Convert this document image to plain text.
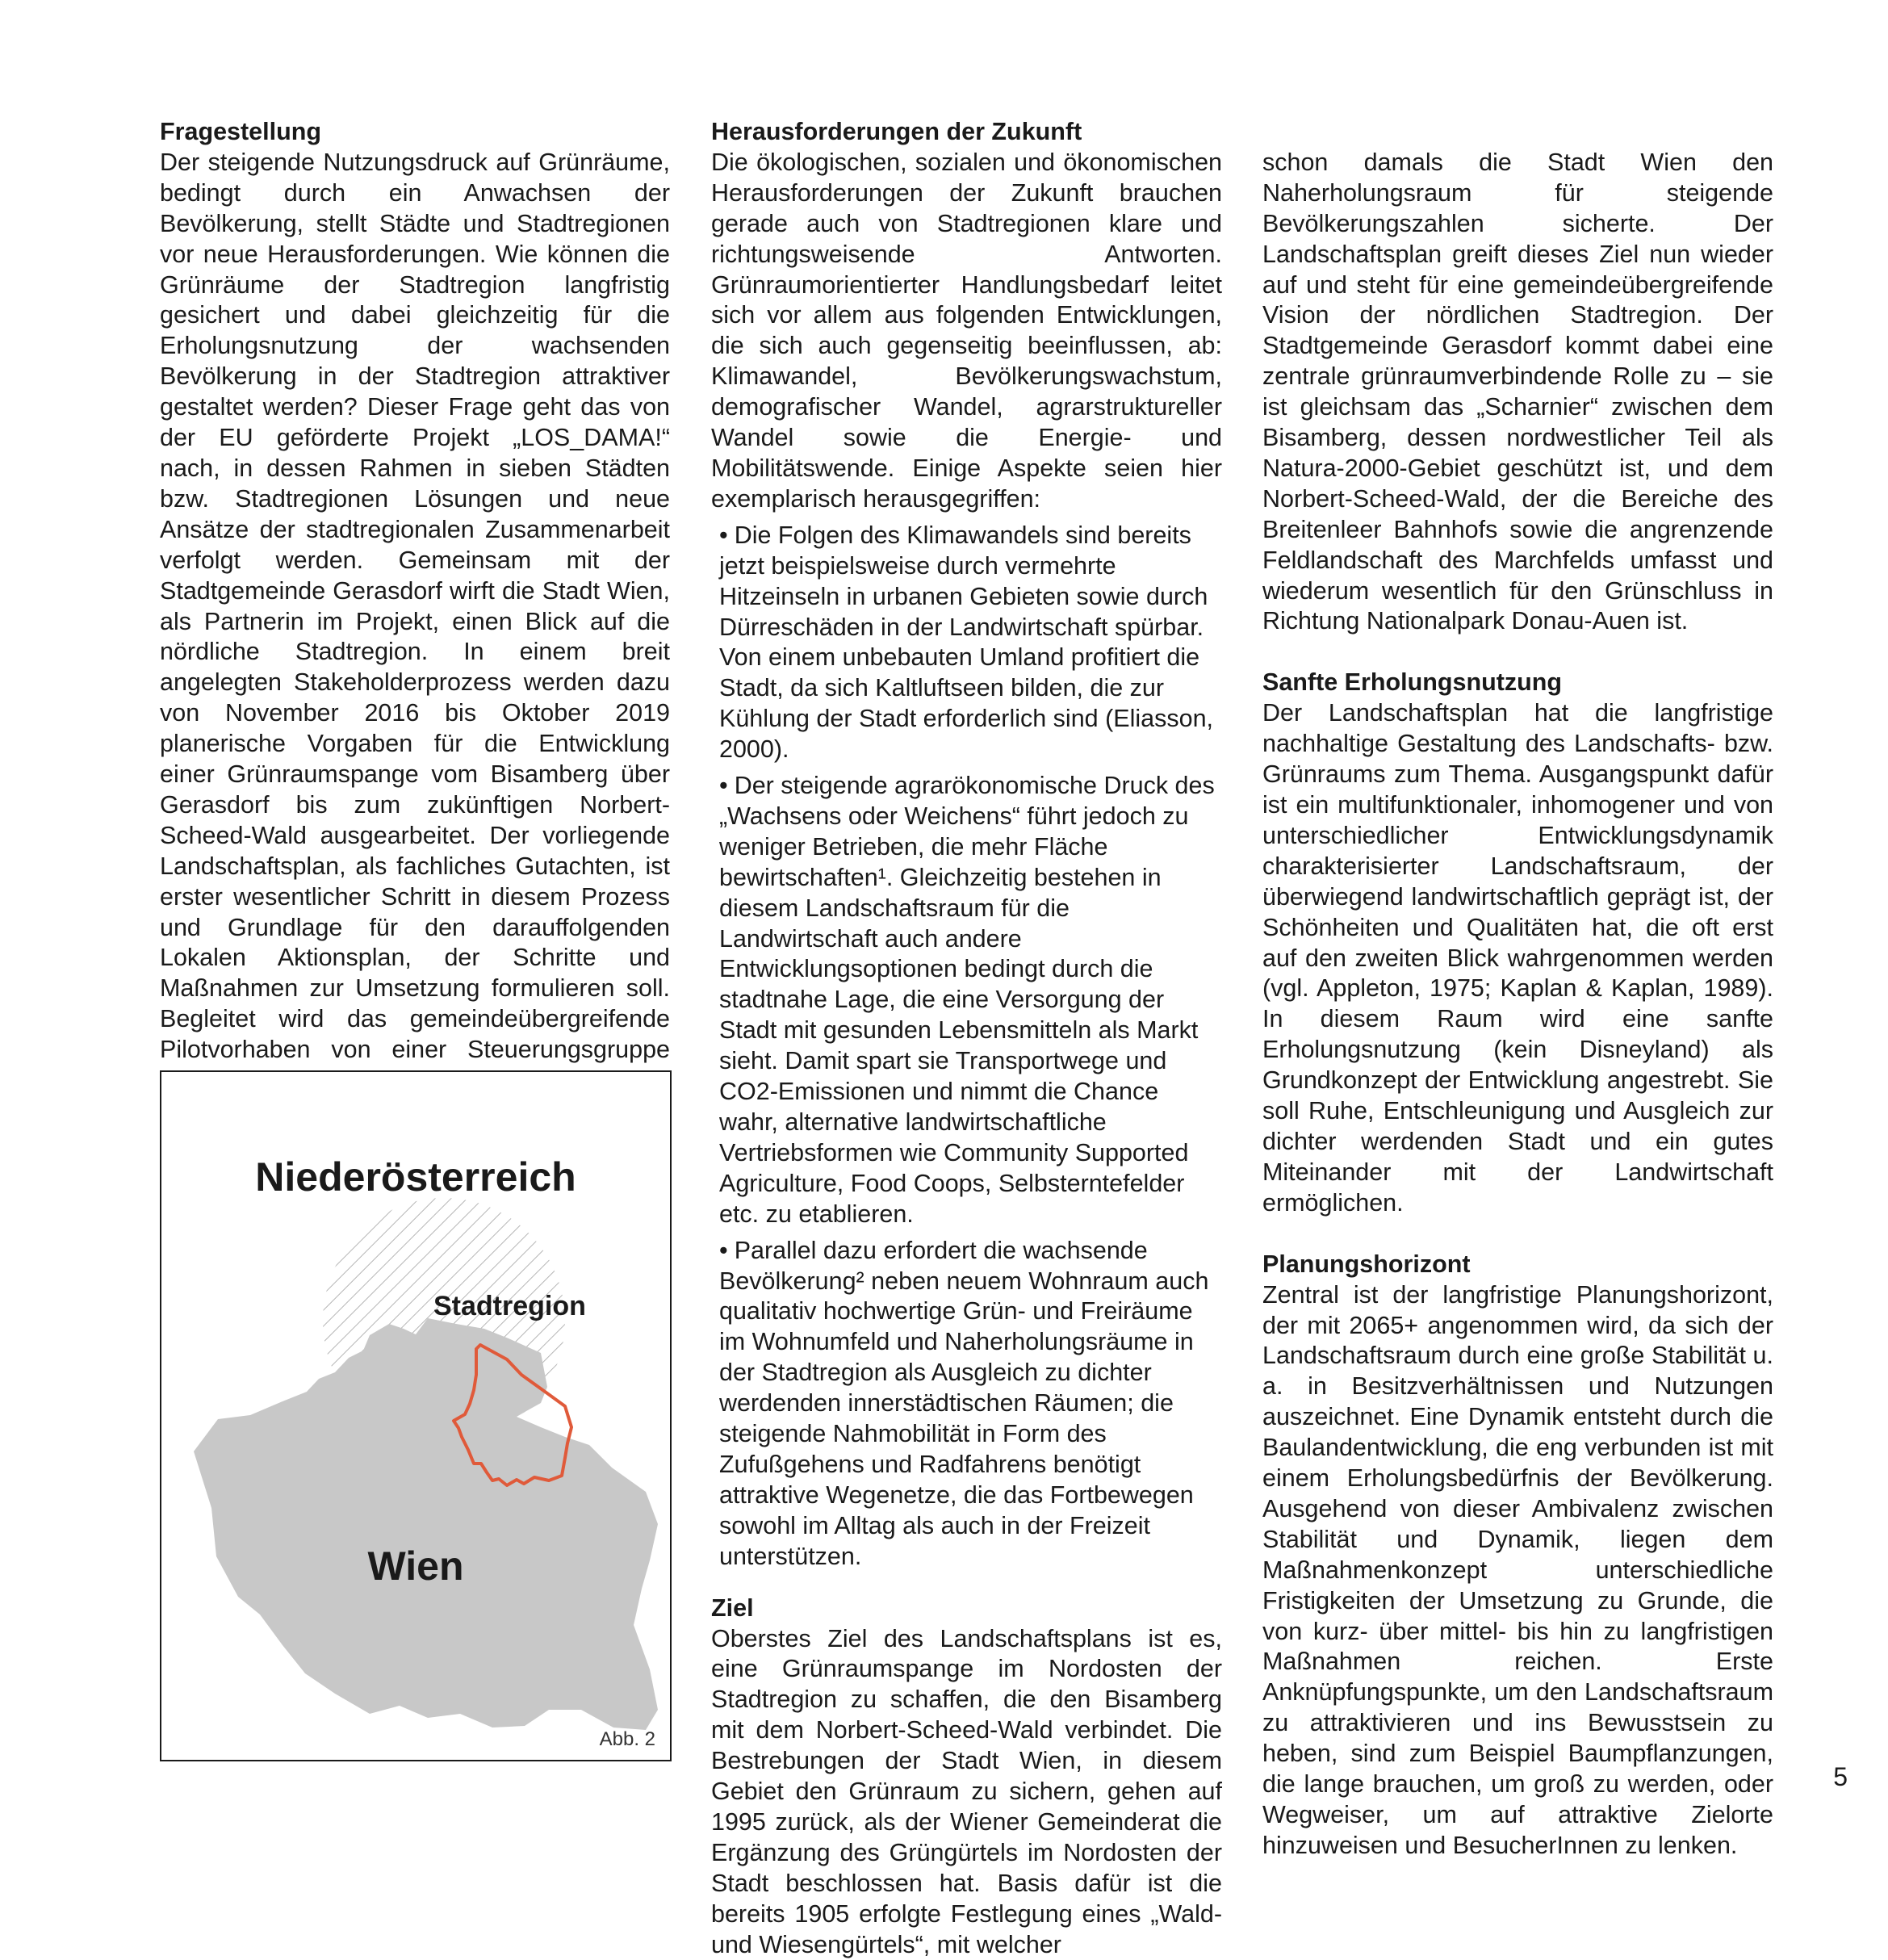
Fragestellung

Der steigende Nutzungsdruck auf Grünräume, bedingt durch ein Anwachsen der Bevölkerung, stellt Städte und Stadtregionen vor neue Herausforderungen. Wie können die Grünräume der Stadtregion langfristig gesichert und dabei gleichzeitig für die Erholungsnutzung der wachsenden Bevölkerung in der Stadtregion attraktiver gestaltet werden? Dieser Frage geht das von der EU geförderte Projekt „LOS_DAMA!“ nach, in dessen Rahmen in sieben Städten bzw. Stadtregionen Lösungen und neue Ansätze der stadtregionalen Zusammenarbeit verfolgt werden. Gemeinsam mit der Stadtgemeinde Gerasdorf wirft die Stadt Wien, als Partnerin im Projekt, einen Blick auf die nördliche Stadtregion. In einem breit angelegten Stakeholderprozess werden dazu von November 2016 bis Oktober 2019 planerische Vorgaben für die Entwicklung einer Grünraumspange vom Bisamberg über Gerasdorf bis zum zukünftigen Norbert-Scheed-Wald ausgearbeitet. Der vorliegende Landschaftsplan, als fachliches Gutachten, ist erster wesentlicher Schritt in diesem Prozess und Grundlage für den darauffolgenden Lokalen Aktionsplan, der Schritte und Maßnahmen zur Umsetzung formulieren soll. Begleitet wird das gemeindeübergreifende Pilotvorhaben von einer Steuerungsgruppe

Niederösterreich
Stadtregion
Wien
Abb. 2
Herausforderungen der Zukunft

Die ökologischen, sozialen und ökonomischen Herausforderungen der Zukunft brauchen gerade auch von Stadtregionen klare und richtungsweisende Antworten. Grünraumorientierter Handlungsbedarf leitet sich vor allem aus folgenden Entwicklungen, die sich auch gegenseitig beeinflussen, ab: Klimawandel, Bevölkerungswachstum, demografischer Wandel, agrarstruktureller Wandel sowie die Energie- und Mobilitätswende. Einige Aspekte seien hier exemplarisch herausgegriffen:

• Die Folgen des Klimawandels sind bereits jetzt beispielsweise durch vermehrte Hitzeinseln in urbanen Gebieten sowie durch Dürreschäden in der Landwirtschaft spürbar. Von einem unbebauten Umland profitiert die Stadt, da sich Kaltluftseen bilden, die zur Kühlung der Stadt erforderlich sind (Eliasson, 2000).
• Der steigende agrarökonomische Druck des „Wachsens oder Weichens“ führt jedoch zu weniger Betrieben, die mehr Fläche bewirtschaften¹. Gleichzeitig bestehen in diesem Landschaftsraum für die Landwirtschaft auch andere Entwicklungsoptionen bedingt durch die stadtnahe Lage, die eine Versorgung der Stadt mit gesunden Lebensmitteln als Markt sieht. Damit spart sie Transportwege und CO2-Emissionen und nimmt die Chance wahr, alternative landwirtschaftliche Vertriebsformen wie Community Supported Agriculture, Food Coops, Selbsterntefelder etc. zu etablieren.
• Parallel dazu erfordert die wachsende Bevölkerung² neben neuem Wohnraum auch qualitativ hochwertige Grün- und Freiräume im Wohnumfeld und Naherholungsräume in der Stadtregion als Ausgleich zu dichter werdenden innerstädtischen Räumen; die steigende Nahmobilität in Form des Zufußgehens und Radfahrens benötigt attraktive Wegenetze, die das Fortbewegen sowohl im Alltag als auch in der Freizeit unterstützen.
Ziel

Oberstes Ziel des Landschaftsplans ist es, eine Grünraumspange im Nordosten der Stadtregion zu schaffen, die den Bisamberg mit dem Norbert-Scheed-Wald verbindet. Die Bestrebungen der Stadt Wien, in diesem Gebiet den Grünraum zu sichern, gehen auf 1995 zurück, als der Wiener Gemeinderat die Ergänzung des Grüngürtels im Nordosten der Stadt beschlossen hat. Basis dafür ist die bereits 1905 erfolgte Festlegung eines „Wald- und Wiesengürtels“, mit welcher

schon damals die Stadt Wien den Naherholungsraum für steigende Bevölkerungszahlen sicherte. Der Landschaftsplan greift dieses Ziel nun wieder auf und steht für eine gemeindeübergreifende Vision der nördlichen Stadtregion. Der Stadtgemeinde Gerasdorf kommt dabei eine zentrale grünraumverbindende Rolle zu – sie ist gleichsam das „Scharnier“ zwischen dem Bisamberg, dessen nordwestlicher Teil als Natura-2000-Gebiet geschützt ist, und dem Norbert-Scheed-Wald, der die Bereiche des Breitenleer Bahnhofs sowie die angrenzende Feldlandschaft des Marchfelds umfasst und wiederum wesentlich für den Grünschluss in Richtung Nationalpark Donau-Auen ist.

Sanfte Erholungsnutzung

Der Landschaftsplan hat die langfristige nachhaltige Gestaltung des Landschafts- bzw. Grünraums zum Thema. Ausgangspunkt dafür ist ein multifunktionaler, inhomogener und von unterschiedlicher Entwicklungsdynamik charakterisierter Landschaftsraum, der überwiegend landwirtschaftlich geprägt ist, der Schönheiten und Qualitäten hat, die oft erst auf den zweiten Blick wahrgenommen werden (vgl. Appleton, 1975; Kaplan & Kaplan, 1989). In diesem Raum wird eine sanfte Erholungsnutzung (kein Disneyland) als Grundkonzept der Entwicklung angestrebt. Sie soll Ruhe, Entschleunigung und Ausgleich zur dichter werdenden Stadt und ein gutes Miteinander mit der Landwirtschaft ermöglichen.

Planungshorizont

Zentral ist der langfristige Planungshorizont, der mit 2065+ angenommen wird, da sich der Landschaftsraum durch eine große Stabilität u. a. in Besitzverhältnissen und Nutzungen auszeichnet. Eine Dynamik entsteht durch die Baulandentwicklung, die eng verbunden ist mit einem Erholungsbedürfnis der Bevölkerung. Ausgehend von dieser Ambivalenz zwischen Stabilität und Dynamik, liegen dem Maßnahmenkonzept unterschiedliche Fristigkeiten der Umsetzung zu Grunde, die von kurz- über mittel- bis hin zu langfristigen Maßnahmen reichen. Erste Anknüpfungspunkte, um den Landschaftsraum zu attraktivieren und ins Bewusstsein zu heben, sind zum Beispiel Baumpflanzungen, die lange brauchen, um groß zu werden, oder Wegweiser, um auf attraktive Zielorte hinzuweisen und BesucherInnen zu lenken.

5
